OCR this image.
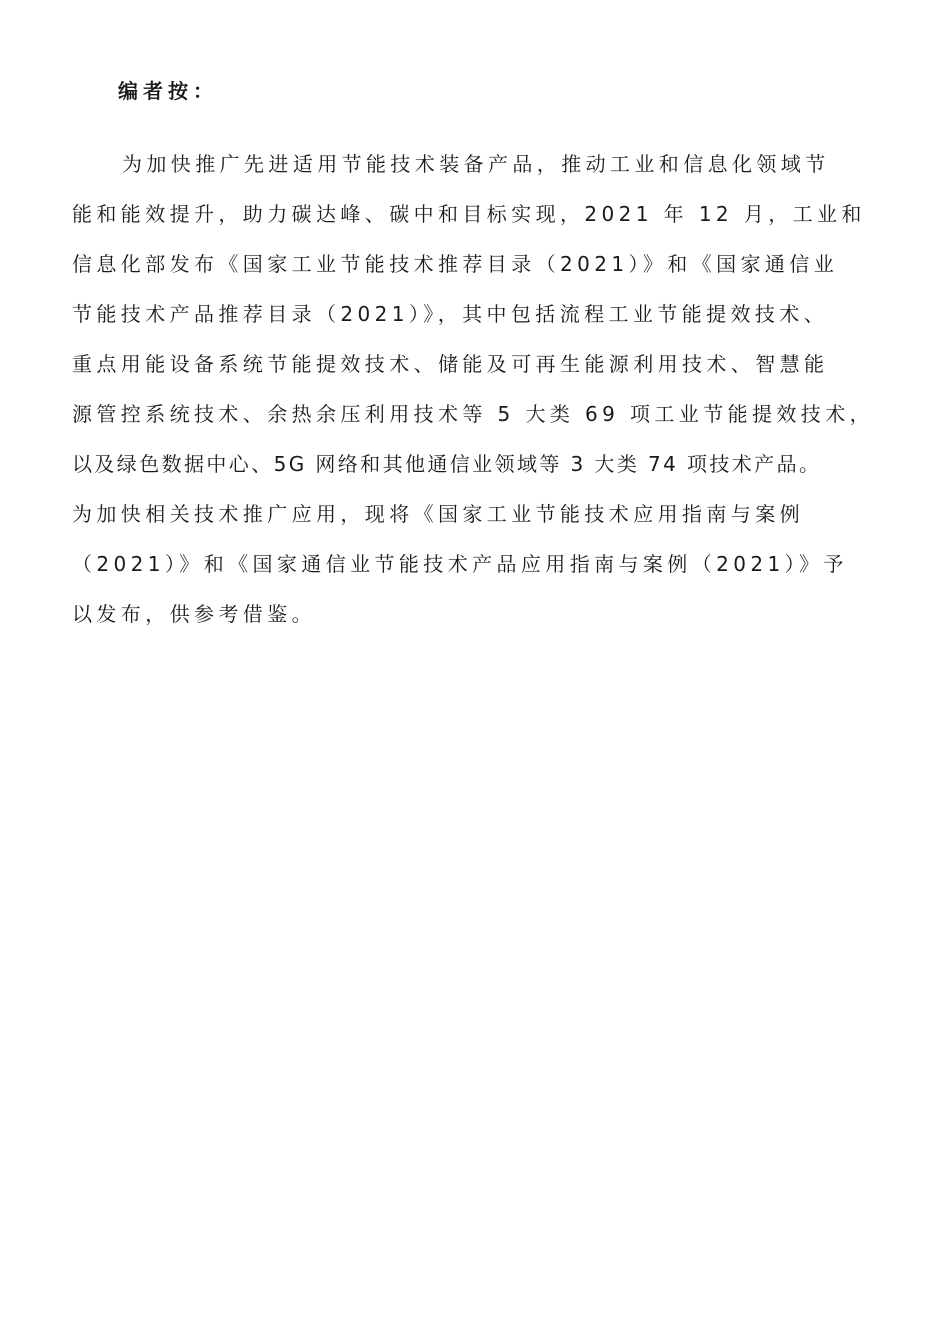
编者按：
为加快推广先进适用节能技术装备产品，推动工业和信息化领域节
能和能效提升，助力碳达峰、碳中和目标实现，2021 年 12 月，工业和
信息化部发布《国家工业节能技术推荐目录（2021）》和《国家通信业
节能技术产品推荐目录（2021）》，其中包括流程工业节能提效技术、
重点用能设备系统节能提效技术、储能及可再生能源利用技术、智慧能
源管控系统技术、余热余压利用技术等 5 大类 69 项工业节能提效技术，
以及绿色数据中心、5G 网络和其他通信业领域等 3 大类 74 项技术产品。
为加快相关技术推广应用，现将《国家工业节能技术应用指南与案例
（2021）》和《国家通信业节能技术产品应用指南与案例（2021）》予
以发布，供参考借鉴。
